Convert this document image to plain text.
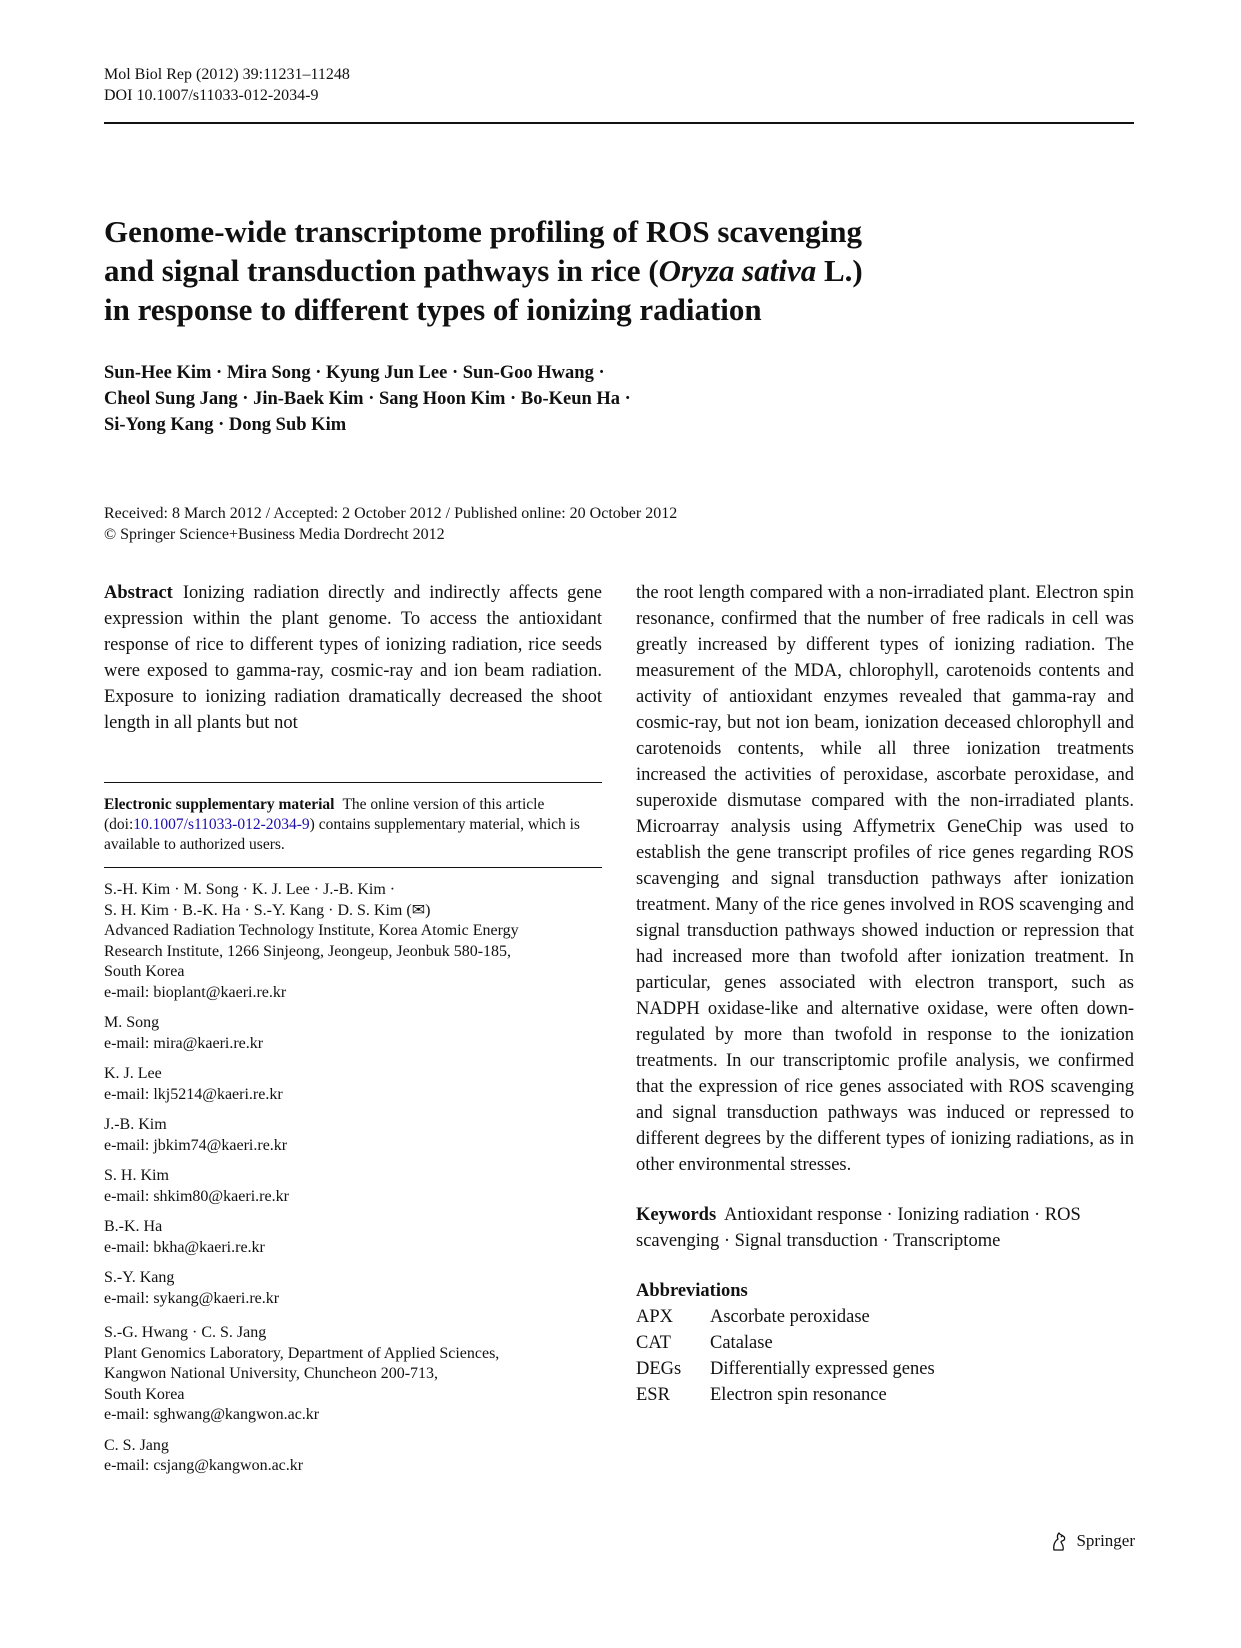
Mol Biol Rep (2012) 39:11231–11248
DOI 10.1007/s11033-012-2034-9
Genome-wide transcriptome profiling of ROS scavenging
and signal transduction pathways in rice (Oryza sativa L.)
in response to different types of ionizing radiation
Sun-Hee Kim · Mira Song · Kyung Jun Lee · Sun-Goo Hwang ·
Cheol Sung Jang · Jin-Baek Kim · Sang Hoon Kim · Bo-Keun Ha ·
Si-Yong Kang · Dong Sub Kim
Received: 8 March 2012 / Accepted: 2 October 2012 / Published online: 20 October 2012
© Springer Science+Business Media Dordrecht 2012

Abstract Ionizing radiation directly and indirectly affects gene expression within the plant genome. To access the antioxidant response of rice to different types of ionizing radiation, rice seeds were exposed to gamma-ray, cosmic-ray and ion beam radiation. Exposure to ionizing radiation dramatically decreased the shoot length in all plants but not

Electronic supplementary material The online version of this article (doi:10.1007/s11033-012-2034-9) contains supplementary material, which is available to authorized users.

S.-H. Kim · M. Song · K. J. Lee · J.-B. Kim ·
S. H. Kim · B.-K. Ha · S.-Y. Kang · D. S. Kim (✉)
Advanced Radiation Technology Institute, Korea Atomic Energy
Research Institute, 1266 Sinjeong, Jeongeup, Jeonbuk 580-185,
South Korea
e-mail: bioplant@kaeri.re.kr
M. Song
e-mail: mira@kaeri.re.kr
K. J. Lee
e-mail: lkj5214@kaeri.re.kr
J.-B. Kim
e-mail: jbkim74@kaeri.re.kr
S. H. Kim
e-mail: shkim80@kaeri.re.kr
B.-K. Ha
e-mail: bkha@kaeri.re.kr
S.-Y. Kang
e-mail: sykang@kaeri.re.kr
S.-G. Hwang · C. S. Jang
Plant Genomics Laboratory, Department of Applied Sciences,
Kangwon National University, Chuncheon 200-713,
South Korea
e-mail: sghwang@kangwon.ac.kr
C. S. Jang
e-mail: csjang@kangwon.ac.kr

the root length compared with a non-irradiated plant. Electron spin resonance, confirmed that the number of free radicals in cell was greatly increased by different types of ionizing radiation. The measurement of the MDA, chlorophyll, carotenoids contents and activity of antioxidant enzymes revealed that gamma-ray and cosmic-ray, but not ion beam, ionization deceased chlorophyll and carotenoids contents, while all three ionization treatments increased the activities of peroxidase, ascorbate peroxidase, and superoxide dismutase compared with the non-irradiated plants. Microarray analysis using Affymetrix GeneChip was used to establish the gene transcript profiles of rice genes regarding ROS scavenging and signal transduction pathways after ionization treatment. Many of the rice genes involved in ROS scavenging and signal transduction pathways showed induction or repression that had increased more than twofold after ionization treatment. In particular, genes associated with electron transport, such as NADPH oxidase-like and alternative oxidase, were often down-regulated by more than twofold in response to the ionization treatments. In our transcriptomic profile analysis, we confirmed that the expression of rice genes associated with ROS scavenging and signal transduction pathways was induced or repressed to different degrees by the different types of ionizing radiations, as in other environmental stresses.

Keywords Antioxidant response · Ionizing radiation · ROS scavenging · Signal transduction · Transcriptome

Abbreviations

APX	Ascorbate peroxidase
CAT	Catalase
DEGs	Differentially expressed genes
ESR	Electron spin resonance
Springer
